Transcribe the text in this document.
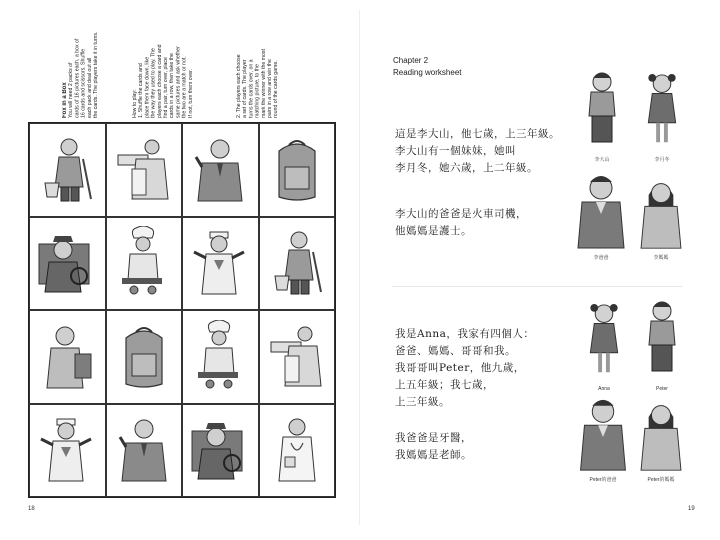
Fox in a Box You will need 2 packs of cards of 16 pictures each, a box of 16 cards and scissors. Shuffle each pack and deal out all the cards. The players take it in turns.	How to play: 1. Shuffle the cards and place them face down, like the way they used to play. The players each choose a card and find a pair, turn over, place cards in a row, then take the same pictures and ask whether the two are a match or not. If not, turn them over.	2. The players each choose a set of cards. The player turns the cards over, on a matching picture, to the mark the winner with the most pairs in a row and win the round of the cards game.
18
Chapter 2
Reading worksheet
這是李大山，他七歲，上三年級。
李大山有一個妹妹，她叫
李月冬，她六歲，上二年級。
李大山的爸爸是火車司機，
他媽媽是護士。
我是Anna，我家有四個人：
爸爸、媽媽、哥哥和我。
我哥哥叫Peter，他九歲，
上五年級；我七歲，
上三年級。
我爸爸是牙醫，
我媽媽是老師。
李大山	李月冬
李爸爸	李媽媽
Anna	Peter
Peter的爸爸	Peter的媽媽
19
